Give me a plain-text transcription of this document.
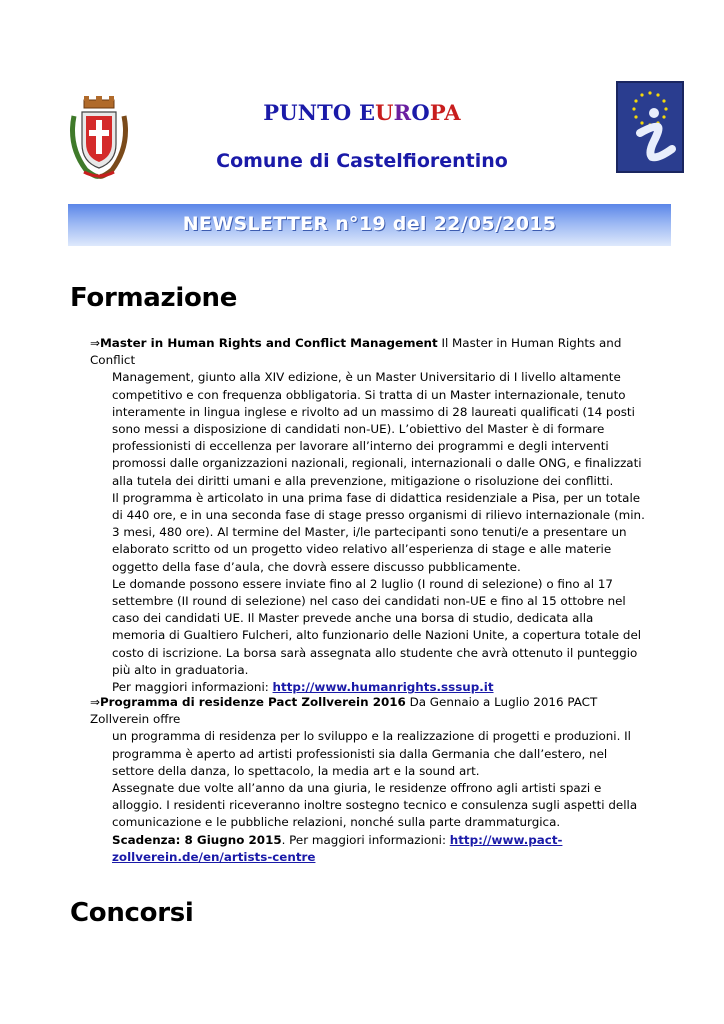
PUNTO EUROPA
Comune di Castelfiorentino
NEWSLETTER n°19 del 22/05/2015
Formazione
⇒Master in Human Rights and Conflict Management Il Master in Human Rights and Conflict

Management, giunto alla XIV edizione, è un Master Universitario di I livello altamente competitivo e con frequenza obbligatoria. Si tratta di un Master internazionale, tenuto interamente in lingua inglese e rivolto ad un massimo di 28 laureati qualificati (14 posti sono messi a disposizione di candidati non-UE). L’obiettivo del Master è di formare professionisti di eccellenza per lavorare all’interno dei programmi e degli interventi promossi dalle organizzazioni nazionali, regionali, internazionali o dalle ONG, e finalizzati alla tutela dei diritti umani e alla prevenzione, mitigazione o risoluzione dei conflitti.

Il programma è articolato in una prima fase di didattica residenziale a Pisa, per un totale di 440 ore, e in una seconda fase di stage presso organismi di rilievo internazionale (min. 3 mesi, 480 ore). Al termine del Master, i/le partecipanti sono tenuti/e a presentare un elaborato scritto od un progetto video relativo all’esperienza di stage e alle materie oggetto della fase d’aula, che dovrà essere discusso pubblicamente.

Le domande possono essere inviate fino al 2 luglio (I round di selezione) o fino al 17 settembre (II round di selezione) nel caso dei candidati non-UE e fino al 15 ottobre nel caso dei candidati UE. Il Master prevede anche una borsa di studio, dedicata alla memoria di Gualtiero Fulcheri, alto funzionario delle Nazioni Unite, a copertura totale del costo di iscrizione. La borsa sarà assegnata allo studente che avrà ottenuto il punteggio più alto in graduatoria.

Per maggiori informazioni: http://www.humanrights.sssup.it

⇒Programma di residenze Pact Zollverein 2016 Da Gennaio a Luglio 2016 PACT Zollverein offre

un programma di residenza per lo sviluppo e la realizzazione di progetti e produzioni. Il programma è aperto ad artisti professionisti sia dalla Germania che dall’estero, nel settore della danza, lo spettacolo, la media art e la sound art.

Assegnate due volte all’anno da una giuria, le residenze offrono agli artisti spazi e alloggio. I residenti riceveranno inoltre sostegno tecnico e consulenza sugli aspetti della comunicazione e le pubbliche relazioni, nonché sulla parte drammaturgica.

Scadenza: 8 Giugno 2015. Per maggiori informazioni: http://www.pact-zollverein.de/en/artists-centre

Concorsi
